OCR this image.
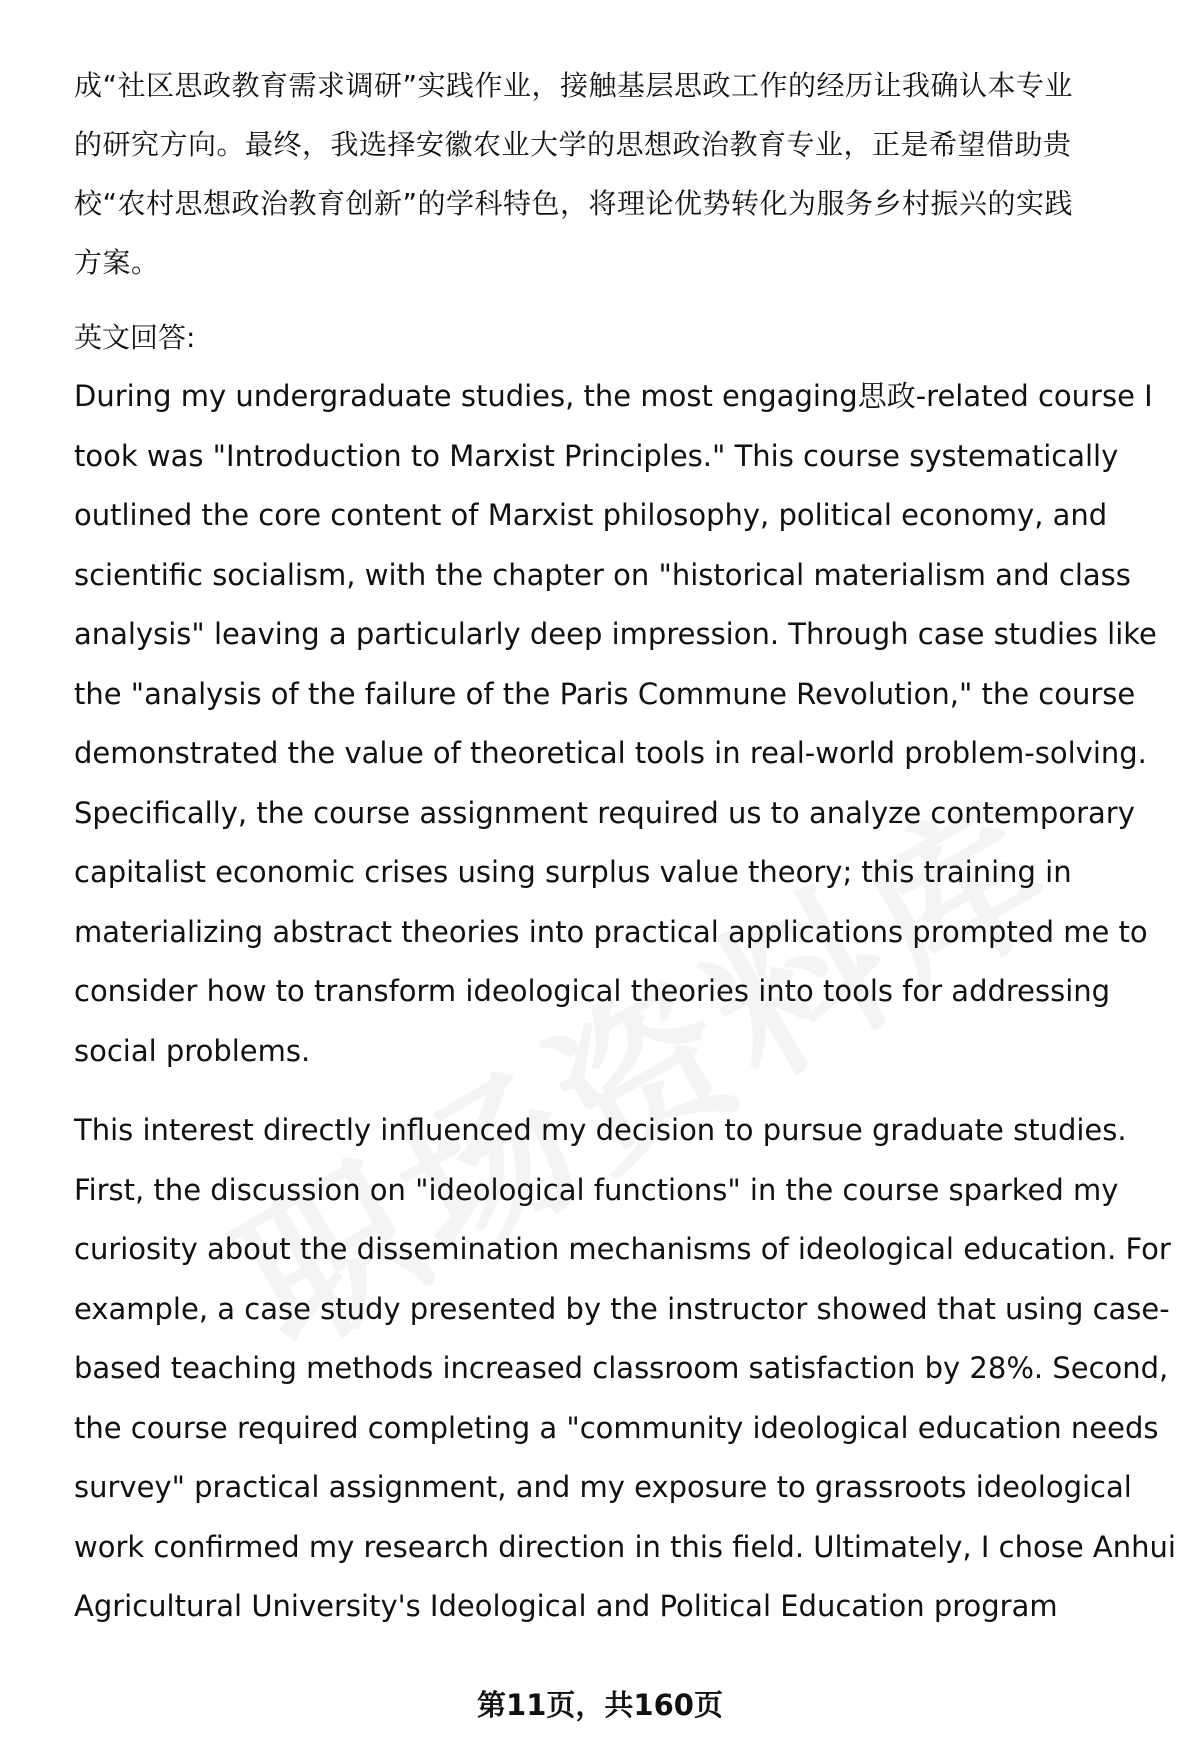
成“社区思政教育需求调研”实践作业，接触基层思政工作的经历让我确认本专业
的研究方向。最终，我选择安徽农业大学的思想政治教育专业，正是希望借助贵
校“农村思想政治教育创新”的学科特色，将理论优势转化为服务乡村振兴的实践
方案。
英文回答:
During my undergraduate studies, the most engaging思政-related course I
took was "Introduction to Marxist Principles." This course systematically
outlined the core content of Marxist philosophy, political economy, and
scientific socialism, with the chapter on "historical materialism and class
analysis" leaving a particularly deep impression. Through case studies like
the "analysis of the failure of the Paris Commune Revolution," the course
demonstrated the value of theoretical tools in real-world problem-solving.
Specifically, the course assignment required us to analyze contemporary
capitalist economic crises using surplus value theory; this training in
materializing abstract theories into practical applications prompted me to
consider how to transform ideological theories into tools for addressing
social problems.
This interest directly influenced my decision to pursue graduate studies.
First, the discussion on "ideological functions" in the course sparked my
curiosity about the dissemination mechanisms of ideological education. For
example, a case study presented by the instructor showed that using case-
based teaching methods increased classroom satisfaction by 28%. Second,
the course required completing a "community ideological education needs
survey" practical assignment, and my exposure to grassroots ideological
work confirmed my research direction in this field. Ultimately, I chose Anhui
Agricultural University's Ideological and Political Education program
第11页，共160页
